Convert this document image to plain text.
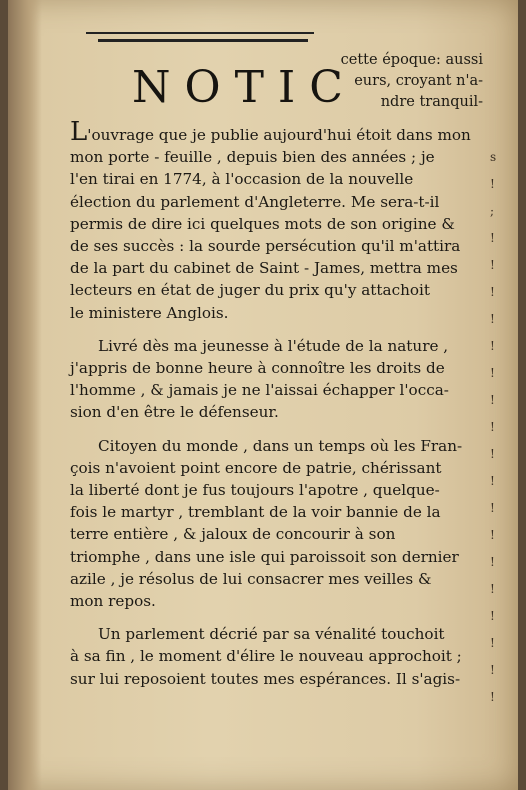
cette époque: aussi
eurs, croyant n'a-
ndre tranquil-
NOTIC
L'ouvrage que je publie aujourd'hui étoit dans mon
mon porte - feuille , depuis bien des années ; je
l'en tirai en 1774, à l'occasion de la nouvelle
élection du parlement d'Angleterre. Me sera-t-il
permis de dire ici quelques mots de son origine &
de ses succès : la sourde persécution qu'il m'attira
de la part du cabinet de Saint - James, mettra mes
lecteurs en état de juger du prix qu'y attachoit
le ministere Anglois.
Livré dès ma jeunesse à l'étude de la nature ,
j'appris de bonne heure à connoître les droits de
l'homme , & jamais je ne l'aissai échapper l'occa-
sion d'en être le défenseur.
Citoyen du monde , dans un temps où les Fran-
çois n'avoient point encore de patrie, chérissant
la liberté dont je fus toujours l'apotre , quelque-
fois le martyr , tremblant de la voir bannie de la
terre entière , & jaloux de concourir à son
triomphe , dans une isle qui paroissoit son dernier
azile , je résolus de lui consacrer mes veilles &
mon repos.
Un parlement décrié par sa vénalité touchoit
à sa fin , le moment d'élire le nouveau approchoit ;
sur lui reposoient toutes mes espérances. Il s'agis-
s
!
;
!
!
!
!
!
!
!
!
!
!
!
!
!
!
!
!
!
!
